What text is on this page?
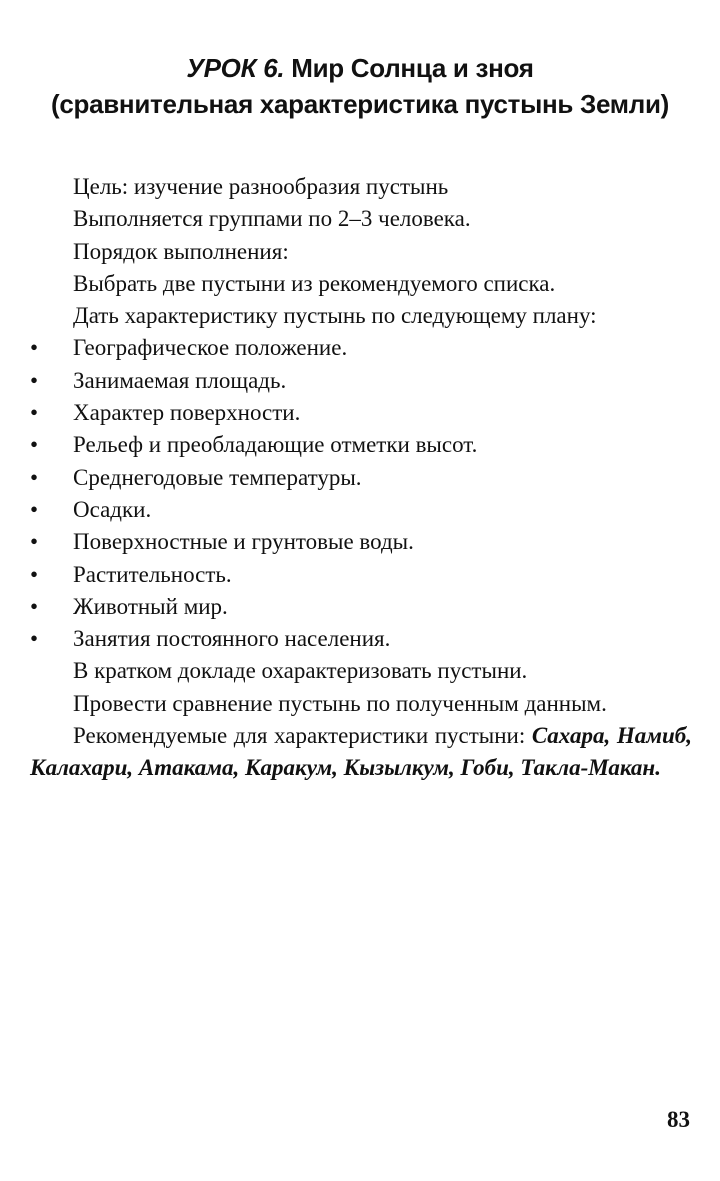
УРОК 6. Мир Солнца и зноя
(сравнительная характеристика пустынь Земли)
Цель: изучение разнообразия пустынь
Выполняется группами по 2–3 человека.
Порядок выполнения:
Выбрать две пустыни из рекомендуемого списка.
Дать характеристику пустынь по следующему плану:
•	Географическое положение.
•	Занимаемая площадь.
•	Характер поверхности.
•	Рельеф и преобладающие отметки высот.
•	Среднегодовые температуры.
•	Осадки.
•	Поверхностные и грунтовые воды.
•	Растительность.
•	Животный мир.
•	Занятия постоянного населения.
В кратком докладе охарактеризовать пустыни.
Провести сравнение пустынь по полученным данным.
Рекомендуемые для характеристики пустыни: Сахара, Намиб, Калахари, Атакама, Каракум, Кызылкум, Гоби, Такла-Макан.
83
